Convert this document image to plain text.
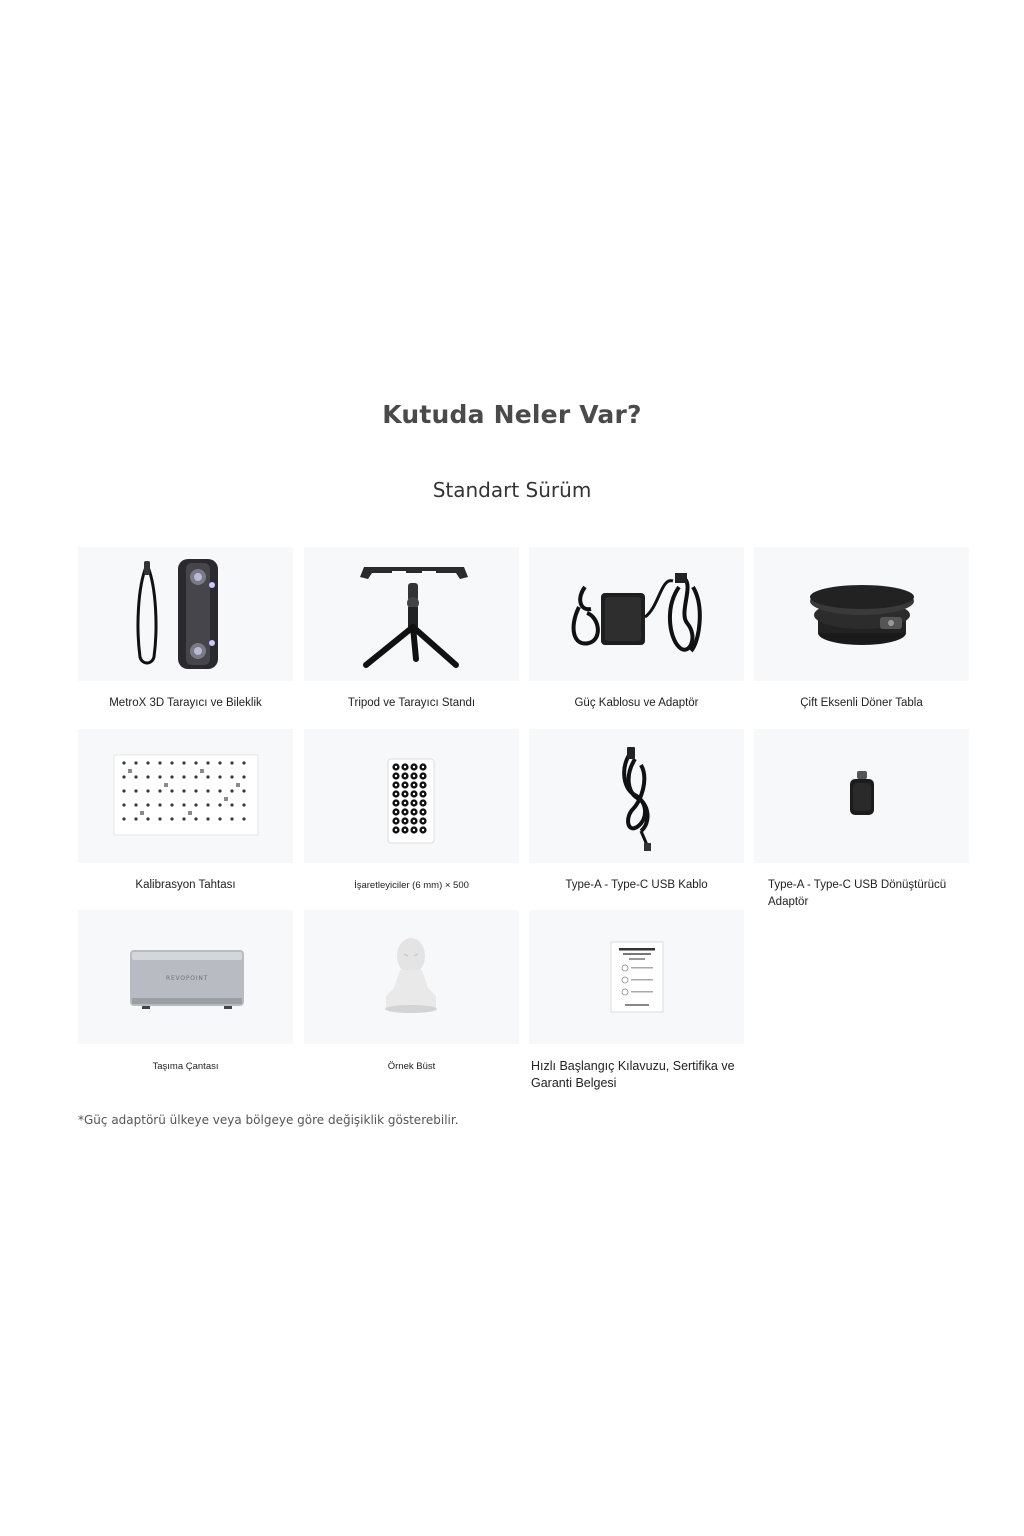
Kutuda Neler Var?
Standart Sürüm
MetroX 3D Tarayıcı ve Bileklik	Tripod ve Tarayıcı Standı	Güç Kablosu ve Adaptör	Çift Eksenli Döner Tabla
Kalibrasyon Tahtası	İşaretleyiciler (6 mm) × 500	Type-A - Type-C USB Kablo	Type-A - Type-C USB Dönüştürücü Adaptör
REVOPOINT
Taşıma Çantası	Örnek Büst	Hızlı Başlangıç Kılavuzu, Sertifika ve Garanti Belgesi
*Güç adaptörü ülkeye veya bölgeye göre değişiklik gösterebilir.
